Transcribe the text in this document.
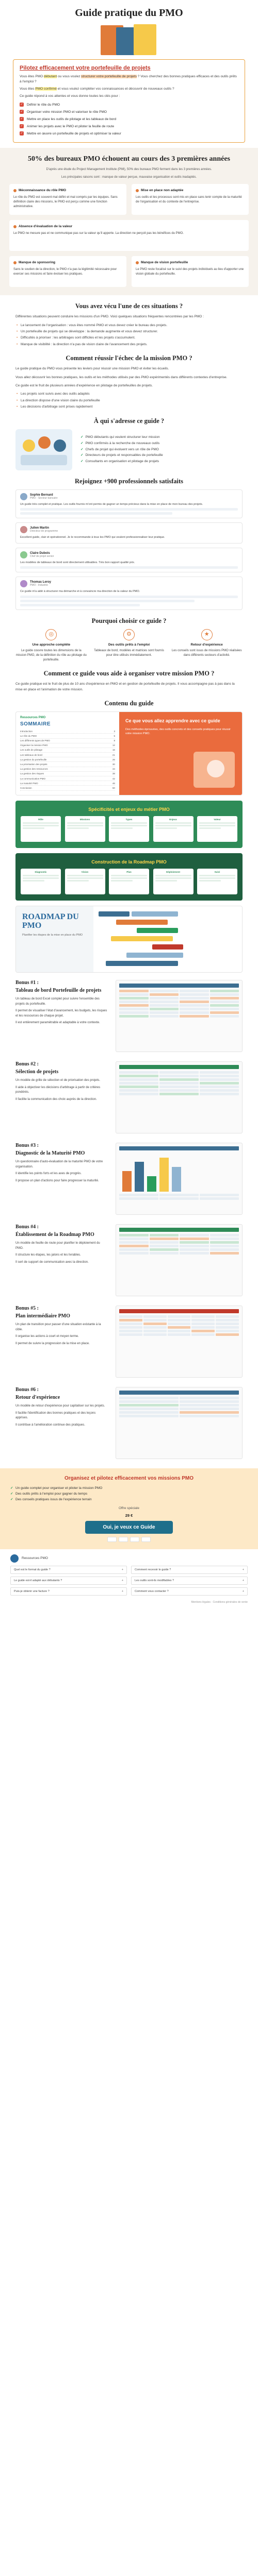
Guide pratique du PMO
Pilotez efficacement votre portefeuille de projets

Vous êtes PMO débutant ou vous voulez structurer votre portefeuille de projets ? Vous cherchez des bonnes pratiques efficaces et des outils prêts à l'emploi ?

Vous êtes PMO confirmé et vous voulez compléter vos connaissances et découvrir de nouveaux outils ?

Ce guide répond à vos attentes et vous donne toutes les clés pour :

✓ Définir le rôle du PMO
✓ Organiser votre mission PMO et valoriser le rôle PMO
✓ Mettre en place les outils de pilotage et les tableaux de bord
✓ Animer les projets avec le PMO et piloter la feuille de route
✓ Mettre en œuvre un portefeuille de projets et optimiser la valeur
50% des bureaux PMO échouent au cours des 3 premières années

D'après une étude du Project Management Institute (PMI), 50% des bureaux PMO ferment dans les 3 premières années.

Les principales raisons sont : manque de valeur perçue, mauvaise organisation et outils inadaptés.

Méconnaissance du rôle PMO
Le rôle du PMO est souvent mal défini et mal compris par les équipes. Sans définition claire des missions, le PMO est perçu comme une fonction administrative.
Mise en place non adaptée
Les outils et les processus sont mis en place sans tenir compte de la maturité de l'organisation et du contexte de l'entreprise.
Absence d'évaluation de la valeur
Le PMO ne mesure pas et ne communique pas sur la valeur qu'il apporte. La direction ne perçoit pas les bénéfices du PMO.
Manque de sponsoring
Sans le soutien de la direction, le PMO n'a pas la légitimité nécessaire pour exercer ses missions et faire évoluer les pratiques.
Manque de vision portefeuille
Le PMO reste focalisé sur le suivi des projets individuels au lieu d'apporter une vision globale du portefeuille.
Vous avez vécu l'une de ces situations ?

Différentes situations peuvent conduire les missions d'un PMO. Voici quelques situations fréquentes rencontrées par les PMO :

• Le lancement de l'organisation : vous êtes nommé PMO et vous devez créer le bureau des projets.
• Un portefeuille de projets qui se développe : la demande augmente et vous devez structurer.
• Difficultés à prioriser : les arbitrages sont difficiles et les projets s'accumulent.
• Manque de visibilité : la direction n'a pas de vision claire de l'avancement des projets.
Comment réussir l'échec de la mission PMO ?

Le guide pratique du PMO vous présente les leviers pour réussir une mission PMO et éviter les écueils.

Vous allez découvrir les bonnes pratiques, les outils et les méthodes utilisés par des PMO expérimentés dans différents contextes d'entreprise.

Ce guide est le fruit de plusieurs années d'expérience en pilotage de portefeuilles de projets.

• Les projets sont suivis avec des outils adaptés
• La direction dispose d'une vision claire du portefeuille
• Les décisions d'arbitrage sont prises rapidement
À qui s'adresse ce guide ?
✓ PMO débutants qui veulent structurer leur mission
✓ PMO confirmés à la recherche de nouveaux outils
✓ Chefs de projet qui évoluent vers un rôle de PMO
✓ Directeurs de projets et responsables de portefeuille
✓ Consultants en organisation et pilotage de projets
Rejoignez +900 professionnels satisfaits
Sophie Bernard
PMO - Secteur bancaire
Un guide très complet et pratique. Les outils fournis m'ont permis de gagner un temps précieux dans la mise en place de mon bureau des projets.
Julien Martin
Directeur de programme
Excellent guide, clair et opérationnel. Je le recommande à tous les PMO qui veulent professionnaliser leur pratique.
Claire Dubois
Chef de projet senior
Les modèles de tableaux de bord sont directement utilisables. Très bon rapport qualité prix.
Thomas Leroy
PMO - Industrie
Ce guide m'a aidé à structurer ma démarche et à convaincre ma direction de la valeur du PMO.
Pourquoi choisir ce guide ?
◎
Une approche complète
Le guide couvre toutes les dimensions de la mission PMO, de la définition du rôle au pilotage du portefeuille.
⚙
Des outils prêts à l'emploi
Tableaux de bord, modèles et matrices sont fournis pour être utilisés immédiatement.
★
Retour d'expérience
Les conseils sont issus de missions PMO réalisées dans différents secteurs d'activité.
Comment ce guide vous aide à organiser votre mission PMO ?

Ce guide pratique est le fruit de plus de 10 ans d'expérience en PMO et en gestion de portefeuille de projets. Il vous accompagne pas à pas dans la mise en place et l'animation de votre mission.

Contenu du guide
Ressources PMO
SOMMAIRE
Introduction	3
Le rôle du PMO	5
Les différents types de PMO	8
Organiser la mission PMO	12
Les outils de pilotage	16
Les tableaux de bord	21
La gestion du portefeuille	26
La priorisation des projets	30
La gestion des ressources	34
La gestion des risques	38
La communication PMO	42
La maturité PMO	46
Conclusion	50
Ce que vous allez apprendre avec ce guide
Des méthodes éprouvées, des outils concrets et des conseils pratiques pour réussir votre mission PMO.
Spécificités et enjeux du métier PMO
Rôle	Missions	Types	Enjeux	Valeur
Construction de la Roadmap PMO
Diagnostic	Vision	Plan	Déploiement	Suivi
ROADMAP DU PMO
Planifier les étapes de la mise en place du PMO
Bonus #1 :
Tableau de bord Portefeuille de projets
Un tableau de bord Excel complet pour suivre l'ensemble des projets du portefeuille.
Il permet de visualiser l'état d'avancement, les budgets, les risques et les ressources de chaque projet.
Il est entièrement paramétrable et adaptable à votre contexte.
Bonus #2 :
Sélection de projets
Un modèle de grille de sélection et de priorisation des projets.
Il aide à objectiver les décisions d'arbitrage à partir de critères pondérés.
Il facilite la communication des choix auprès de la direction.
Bonus #3 :
Diagnostic de la Maturité PMO
Un questionnaire d'auto-évaluation de la maturité PMO de votre organisation.
Il identifie les points forts et les axes de progrès.
Il propose un plan d'actions pour faire progresser la maturité.
Bonus #4 :
Établissement de la Roadmap PMO
Un modèle de feuille de route pour planifier le déploiement du PMO.
Il structure les étapes, les jalons et les livrables.
Il sert de support de communication avec la direction.
Bonus #5 :
Plan intermédiaire PMO
Un plan de transition pour passer d'une situation existante à la cible.
Il organise les actions à court et moyen terme.
Il permet de suivre la progression de la mise en place.
Bonus #6 :
Retour d'expérience
Un modèle de retour d'expérience pour capitaliser sur les projets.
Il facilite l'identification des bonnes pratiques et des leçons apprises.
Il contribue à l'amélioration continue des pratiques.
Organisez et pilotez efficacement vos missions PMO
✓ Un guide complet pour organiser et piloter la mission PMO
✓ Des outils prêts à l'emploi pour gagner du temps
✓ Des conseils pratiques issus de l'expérience terrain
Offre spéciale
29 €
Oui, je veux ce Guide
Ressources PMO
Quel est le format du guide ?	+	Comment recevoir le guide ?	+
Le guide est-il adapté aux débutants ?	+	Les outils sont-ils modifiables ?	+
Puis-je obtenir une facture ?	+	Comment vous contacter ?	+
Mentions légales · Conditions générales de vente
